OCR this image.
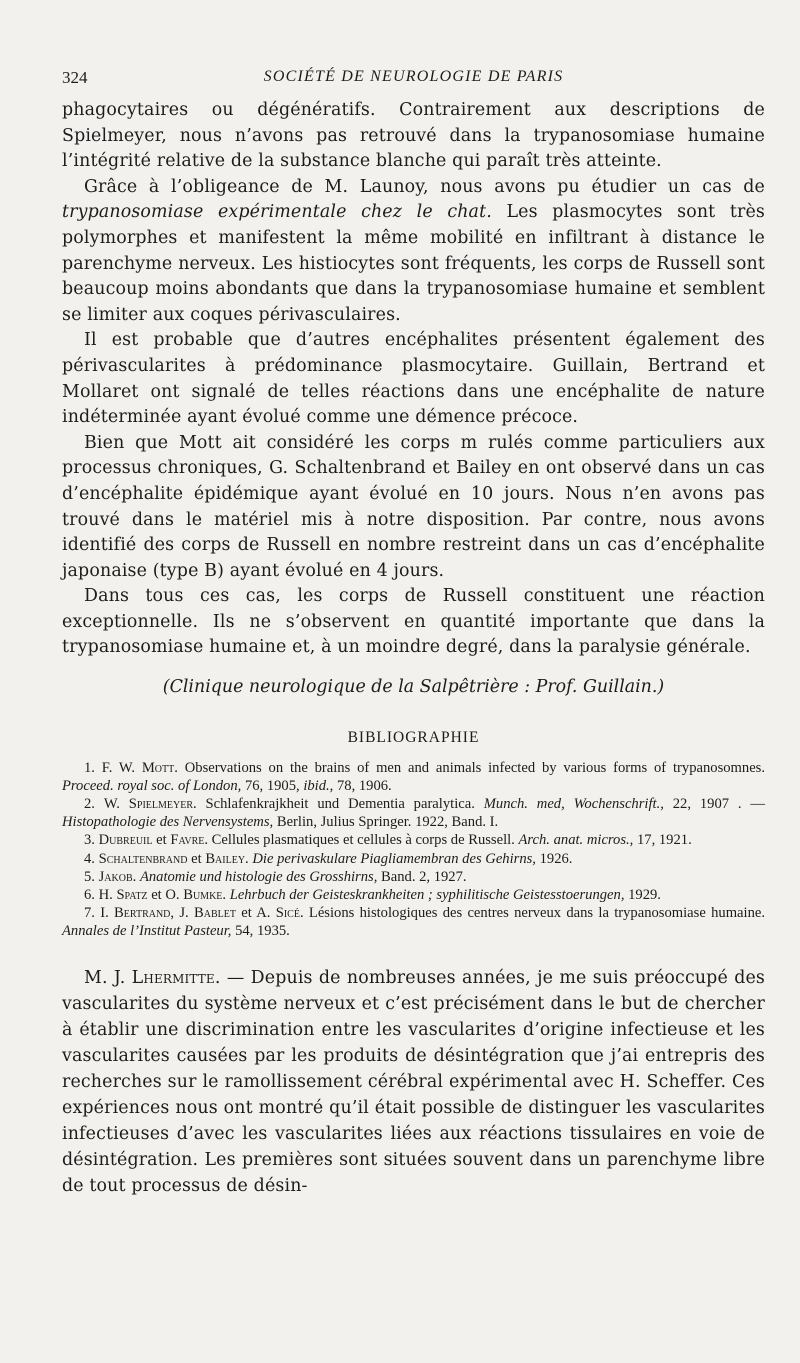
324	SOCIÉTÉ DE NEUROLOGIE DE PARIS

phagocytaires ou dégénératifs. Contrairement aux descriptions de Spielmeyer, nous n’avons pas retrouvé dans la trypanosomiase humaine l’intégrité relative de la substance blanche qui paraît très atteinte.

Grâce à l’obligeance de M. Launoy, nous avons pu étudier un cas de trypanosomiase expérimentale chez le chat. Les plasmocytes sont très polymorphes et manifestent la même mobilité en infiltrant à distance le parenchyme nerveux. Les histiocytes sont fréquents, les corps de Russell sont beaucoup moins abondants que dans la trypanosomiase humaine et semblent se limiter aux coques périvasculaires.

Il est probable que d’autres encéphalites présentent également des périvascularites à prédominance plasmocytaire. Guillain, Bertrand et Mollaret ont signalé de telles réactions dans une encéphalite de nature indéterminée ayant évolué comme une démence précoce.

Bien que Mott ait considéré les corps m rulés comme particuliers aux processus chroniques, G. Schaltenbrand et Bailey en ont observé dans un cas d’encéphalite épidémique ayant évolué en 10 jours. Nous n’en avons pas trouvé dans le matériel mis à notre disposition. Par contre, nous avons identifié des corps de Russell en nombre restreint dans un cas d’encéphalite japonaise (type B) ayant évolué en 4 jours.

Dans tous ces cas, les corps de Russell constituent une réaction exceptionnelle. Ils ne s’observent en quantité importante que dans la trypanosomiase humaine et, à un moindre degré, dans la paralysie générale.

(Clinique neurologique de la Salpêtrière : Prof. Guillain.)

BIBLIOGRAPHIE

1. F. W. Mott. Observations on the brains of men and animals infected by various forms of trypanosomnes. Proceed. royal soc. of London, 76, 1905, ibid., 78, 1906.

2. W. Spielmeyer. Schlafenkrajkheit und Dementia paralytica. Munch. med, Wochenschrift., 22, 1907 . — Histopathologie des Nervensystems, Berlin, Julius Springer. 1922, Band. I.

3. Dubreuil et Favre. Cellules plasmatiques et cellules à corps de Russell. Arch. anat. micros., 17, 1921.

4. Schaltenbrand et Bailey. Die perivaskulare Piagliamembran des Gehirns, 1926.

5. Jakob. Anatomie und histologie des Grosshirns, Band. 2, 1927.

6. H. Spatz et O. Bumke. Lehrbuch der Geisteskrankheiten ; syphilitische Geistesstoerungen, 1929.

7. I. Bertrand, J. Bablet et A. Sicé. Lésions histologiques des centres nerveux dans la trypanosomiase humaine. Annales de l’Institut Pasteur, 54, 1935.

M. J. Lhermitte. — Depuis de nombreuses années, je me suis préoccupé des vascularites du système nerveux et c’est précisément dans le but de chercher à établir une discrimination entre les vascularites d’origine infectieuse et les vascularites causées par les produits de désintégration que j’ai entrepris des recherches sur le ramollissement cérébral expérimental avec H. Scheffer. Ces expériences nous ont montré qu’il était possible de distinguer les vascularites infectieuses d’avec les vascularites liées aux réactions tissulaires en voie de désintégration. Les premières sont situées souvent dans un parenchyme libre de tout processus de désin-
